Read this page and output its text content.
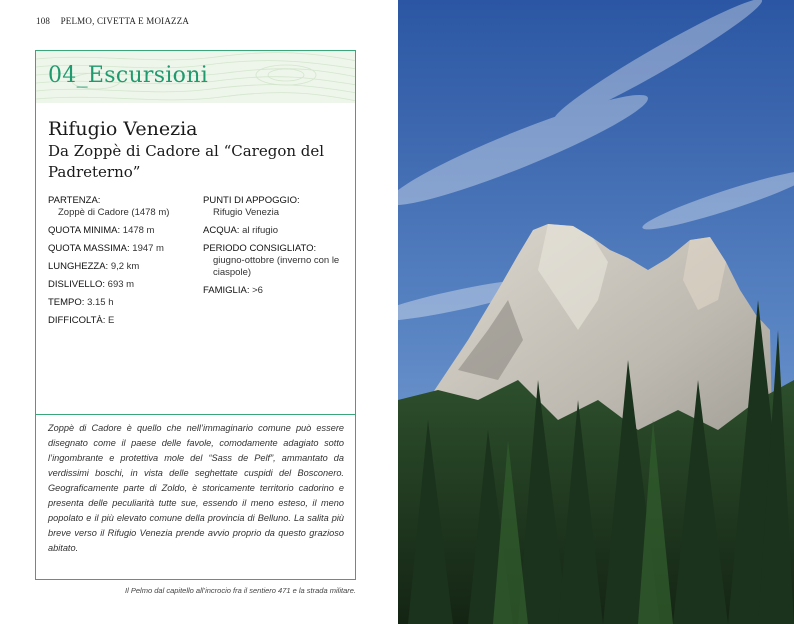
108 PELMO, CIVETTA E MOIAZZA
04_Escursioni
Rifugio Venezia
Da Zoppè di Cadore al “Caregon del Padreterno”
PARTENZA:
Zoppè di Cadore (1478 m)
QUOTA MINIMA: 1478 m
QUOTA MASSIMA: 1947 m
LUNGHEZZA: 9,2 km
DISLIVELLO: 693 m
TEMPO: 3.15 h
DIFFICOLTÀ: E
PUNTI DI APPOGGIO:
Rifugio Venezia
ACQUA: al rifugio
PERIODO CONSIGLIATO:
giugno-ottobre (inverno con le ciaspole)
FAMIGLIA: >6
Zoppè di Cadore è quello che nell’immaginario comune può essere disegnato come il paese delle favole, comodamente adagiato sotto l’ingombrante e protettiva mole del “Sass de Pelf”, ammantato da verdissimi boschi, in vista delle seghettate cuspidi del Bosconero. Geograficamente parte di Zoldo, è storicamente territorio cadorino e presenta delle peculiarità tutte sue, essendo il meno esteso, il meno popolato e il più elevato comune della provincia di Belluno. La salita più breve verso il Rifugio Venezia prende avvio proprio da questo grazioso abitato.
Il Pelmo dal capitello all’incrocio fra il sentiero 471 e la strada militare.
